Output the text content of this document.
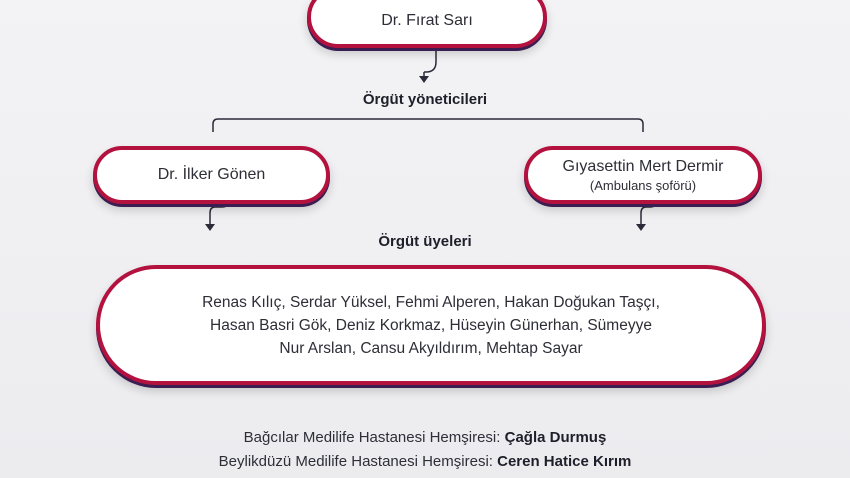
Dr. Fırat Sarı
Örgüt yöneticileri
Dr. İlker Gönen	Gıyasettin Mert Dermir
(Ambulans şoförü)
Örgüt üyeleri
Renas Kılıç, Serdar Yüksel, Fehmi Alperen, Hakan Doğukan Taşçı,
Hasan Basri Gök, Deniz Korkmaz, Hüseyin Günerhan, Sümeyye
Nur Arslan, Cansu Akyıldırım, Mehtap Sayar
Bağcılar Medilife Hastanesi Hemşiresi: Çağla Durmuş
Beylikdüzü Medilife Hastanesi Hemşiresi: Ceren Hatice Kırım
